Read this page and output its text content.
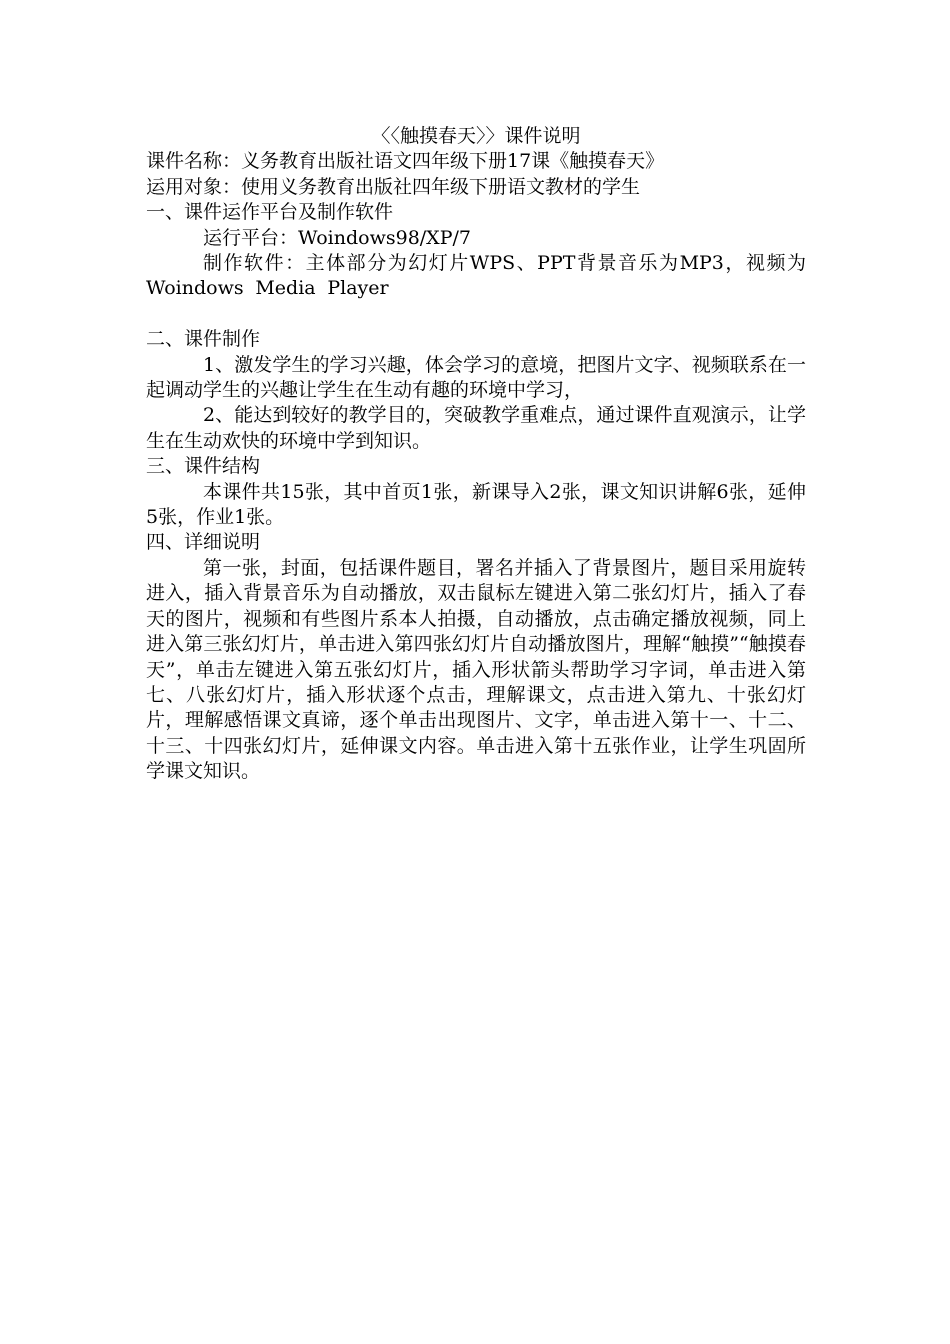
〈〈触摸春天〉〉课件说明

课件名称：义务教育出版社语文四年级下册17课《触摸春天》

运用对象：使用义务教育出版社四年级下册语文教材的学生

一、课件运作平台及制作软件

运行平台：Woindows98/XP/7

制作软件：主体部分为幻灯片WPS、PPT背景音乐为MP3，视频为Woindows Media Player

二、课件制作

1、激发学生的学习兴趣，体会学习的意境，把图片文字、视频联系在一起调动学生的兴趣让学生在生动有趣的环境中学习，

2、能达到较好的教学目的，突破教学重难点，通过课件直观演示，让学生在生动欢快的环境中学到知识。

三、课件结构

本课件共15张，其中首页1张，新课导入2张，课文知识讲解6张，延伸5张，作业1张。

四、详细说明

第一张，封面，包括课件题目，署名并插入了背景图片，题目采用旋转进入，插入背景音乐为自动播放，双击鼠标左键进入第二张幻灯片，插入了春天的图片，视频和有些图片系本人拍摄，自动播放，点击确定播放视频，同上进入第三张幻灯片，单击进入第四张幻灯片自动播放图片，理解“触摸”“触摸春天”，单击左键进入第五张幻灯片，插入形状箭头帮助学习字词，单击进入第七、八张幻灯片，插入形状逐个点击，理解课文，点击进入第九、十张幻灯片，理解感悟课文真谛，逐个单击出现图片、文字，单击进入第十一、十二、十三、十四张幻灯片，延伸课文内容。单击进入第十五张作业，让学生巩固所学课文知识。
